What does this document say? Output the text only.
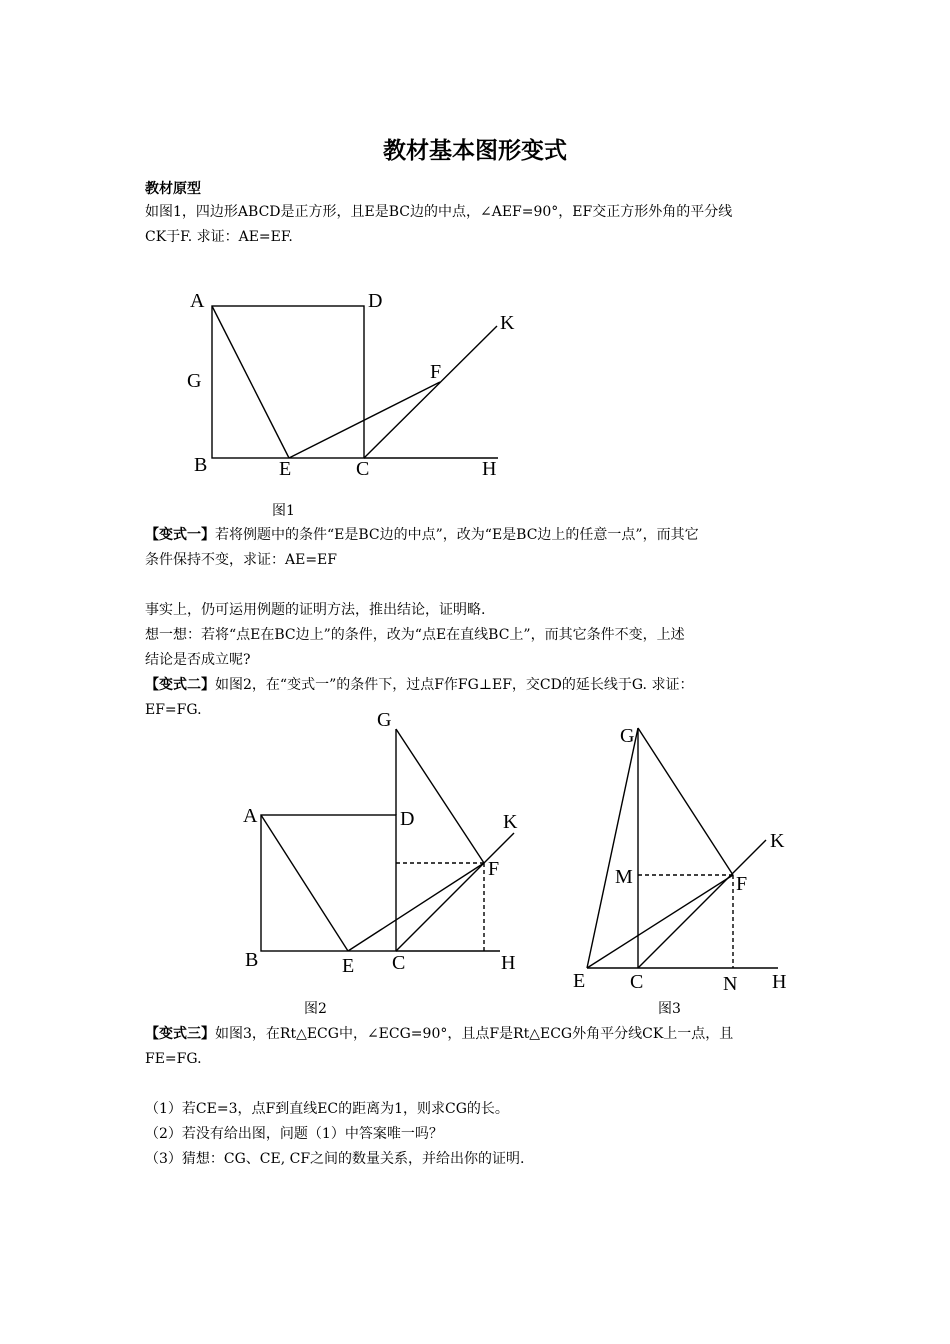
教材基本图形变式
教材原型
如图1，四边形ABCD是正方形，且E是BC边的中点，∠AEF=90°，EF交正方形外角的平分线
CK于F. 求证：AE=EF.
A	D
K
G	F
B	E	C	H
图1
【变式一】若将例题中的条件“E是BC边的中点”，改为“E是BC边上的任意一点”，而其它
条件保持不变，求证：AE=EF
事实上，仍可运用例题的证明方法，推出结论，证明略.
想一想：若将“点E在BC边上”的条件，改为“点E在直线BC上”，而其它条件不变，上述
结论是否成立呢?
【变式二】如图2，在“变式一”的条件下，过点F作FG⊥EF，交CD的延长线于G. 求证：
EF=FG.	G
A	D	K
F
B	E C	H
G
K
M	F
E C	N H
图2	图3
【变式三】如图3，在Rt△ECG中，∠ECG=90°，且点F是Rt△ECG外角平分线CK上一点，且
FE=FG.
（1）若CE=3，点F到直线EC的距离为1，则求CG的长。
（2）若没有给出图，问题（1）中答案唯一吗？
（3）猜想：CG、CE, CF之间的数量关系，并给出你的证明.
